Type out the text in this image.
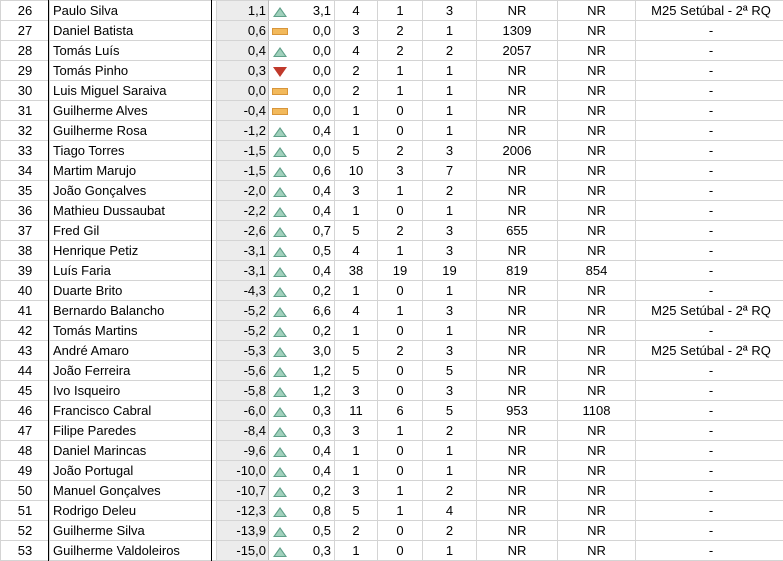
26	Paulo Silva	1,1		3,1	4	1	3	NR	NR	M25 Setúbal - 2ª RQ
27	Daniel Batista	0,6		0,0	3	2	1	1309	NR	-
28	Tomás Luís	0,4		0,0	4	2	2	2057	NR	-
29	Tomás Pinho	0,3		0,0	2	1	1	NR	NR	-
30	Luis Miguel Saraiva	0,0		0,0	2	1	1	NR	NR	-
31	Guilherme Alves	-0,4		0,0	1	0	1	NR	NR	-
32	Guilherme Rosa	-1,2		0,4	1	0	1	NR	NR	-
33	Tiago Torres	-1,5		0,0	5	2	3	2006	NR	-
34	Martim Marujo	-1,5		0,6	10	3	7	NR	NR	-
35	João Gonçalves	-2,0		0,4	3	1	2	NR	NR	-
36	Mathieu Dussaubat	-2,2		0,4	1	0	1	NR	NR	-
37	Fred Gil	-2,6		0,7	5	2	3	655	NR	-
38	Henrique Petiz	-3,1		0,5	4	1	3	NR	NR	-
39	Luís Faria	-3,1		0,4	38	19	19	819	854	-
40	Duarte Brito	-4,3		0,2	1	0	1	NR	NR	-
41	Bernardo Balancho	-5,2		6,6	4	1	3	NR	NR	M25 Setúbal - 2ª RQ
42	Tomás Martins	-5,2		0,2	1	0	1	NR	NR	-
43	André Amaro	-5,3		3,0	5	2	3	NR	NR	M25 Setúbal - 2ª RQ
44	João Ferreira	-5,6		1,2	5	0	5	NR	NR	-
45	Ivo Isqueiro	-5,8		1,2	3	0	3	NR	NR	-
46	Francisco Cabral	-6,0		0,3	11	6	5	953	1108	-
47	Filipe Paredes	-8,4		0,3	3	1	2	NR	NR	-
48	Daniel Marincas	-9,6		0,4	1	0	1	NR	NR	-
49	João Portugal	-10,0		0,4	1	0	1	NR	NR	-
50	Manuel Gonçalves	-10,7		0,2	3	1	2	NR	NR	-
51	Rodrigo Deleu	-12,3		0,8	5	1	4	NR	NR	-
52	Guilherme Silva	-13,9		0,5	2	0	2	NR	NR	-
53	Guilherme Valdoleiros	-15,0		0,3	1	0	1	NR	NR	-
